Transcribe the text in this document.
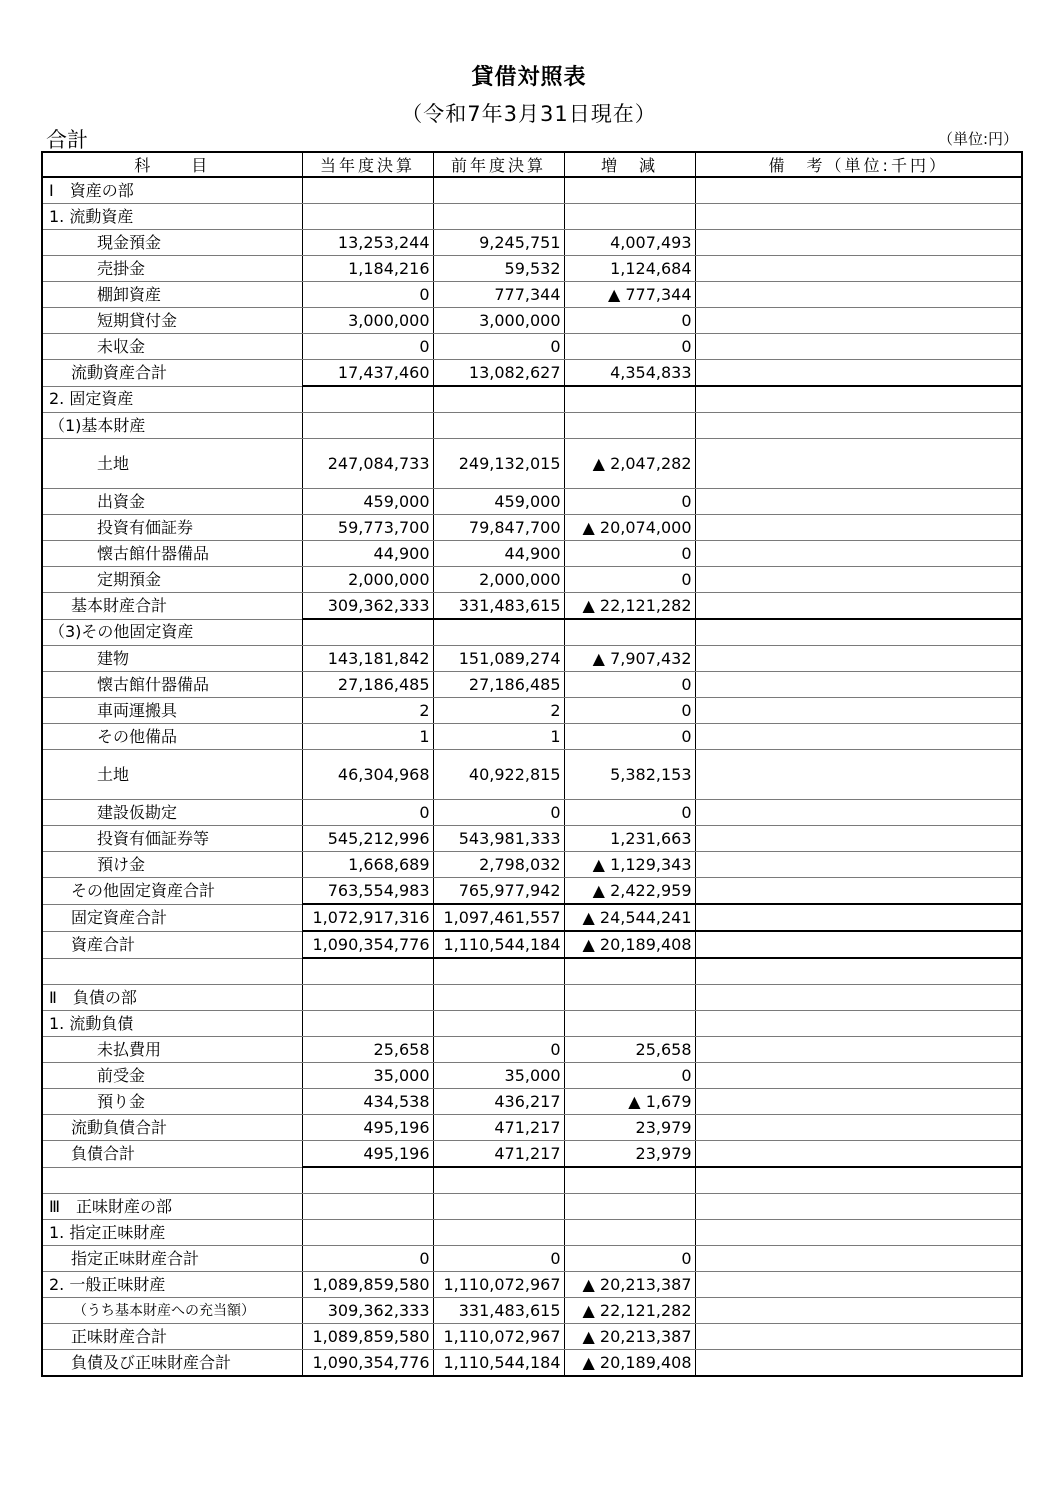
貸借対照表
（令和7年3月31日現在）
合計	（単位:円）
科　　目	当年度決算	前年度決算	増　減	備　考（単位:千円）
Ⅰ　資産の部				
1. 流動資産				
現金預金	13,253,244	9,245,751	4,007,493	
売掛金	1,184,216	59,532	1,124,684	
棚卸資産	0	777,344	▲ 777,344	
短期貸付金	3,000,000	3,000,000	0	
未収金	0	0	0	
流動資産合計	17,437,460	13,082,627	4,354,833	
2. 固定資産				
（1)基本財産				
土地	247,084,733	249,132,015	▲ 2,047,282	
出資金	459,000	459,000	0	
投資有価証券	59,773,700	79,847,700	▲ 20,074,000	
懐古館什器備品	44,900	44,900	0	
定期預金	2,000,000	2,000,000	0	
基本財産合計	309,362,333	331,483,615	▲ 22,121,282	
（3)その他固定資産				
建物	143,181,842	151,089,274	▲ 7,907,432	
懐古館什器備品	27,186,485	27,186,485	0	
車両運搬具	2	2	0	
その他備品	1	1	0	
土地	46,304,968	40,922,815	5,382,153	
建設仮勘定	0	0	0	
投資有価証券等	545,212,996	543,981,333	1,231,663	
預け金	1,668,689	2,798,032	▲ 1,129,343	
その他固定資産合計	763,554,983	765,977,942	▲ 2,422,959	
固定資産合計	1,072,917,316	1,097,461,557	▲ 24,544,241	
資産合計	1,090,354,776	1,110,544,184	▲ 20,189,408	

Ⅱ　負債の部				
1. 流動負債				
未払費用	25,658	0	25,658	
前受金	35,000	35,000	0	
預り金	434,538	436,217	▲ 1,679	
流動負債合計	495,196	471,217	23,979	
負債合計	495,196	471,217	23,979	

Ⅲ　正味財産の部				
1. 指定正味財産				
指定正味財産合計	0	0	0	
2. 一般正味財産	1,089,859,580	1,110,072,967	▲ 20,213,387	
（うち基本財産への充当額）	309,362,333	331,483,615	▲ 22,121,282	
正味財産合計	1,089,859,580	1,110,072,967	▲ 20,213,387	
負債及び正味財産合計	1,090,354,776	1,110,544,184	▲ 20,189,408	
